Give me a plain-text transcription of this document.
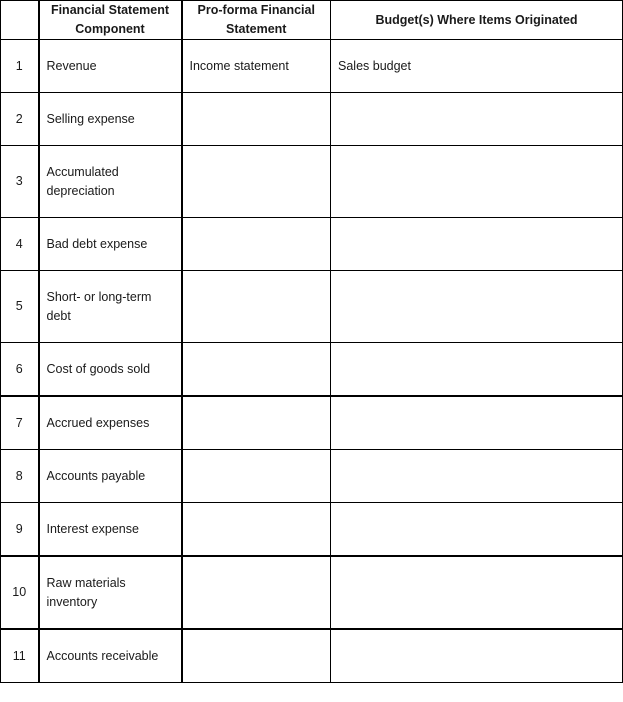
	Financial Statement Component	Pro-forma Financial Statement	Budget(s) Where Items Originated
1	Revenue	Income statement	Sales budget
2	Selling expense		
3	Accumulated depreciation		
4	Bad debt expense		
5	Short- or long-term debt		
6	Cost of goods sold		
7	Accrued expenses		
8	Accounts payable		
9	Interest expense		
10	Raw materials inventory		
11	Accounts receivable		
